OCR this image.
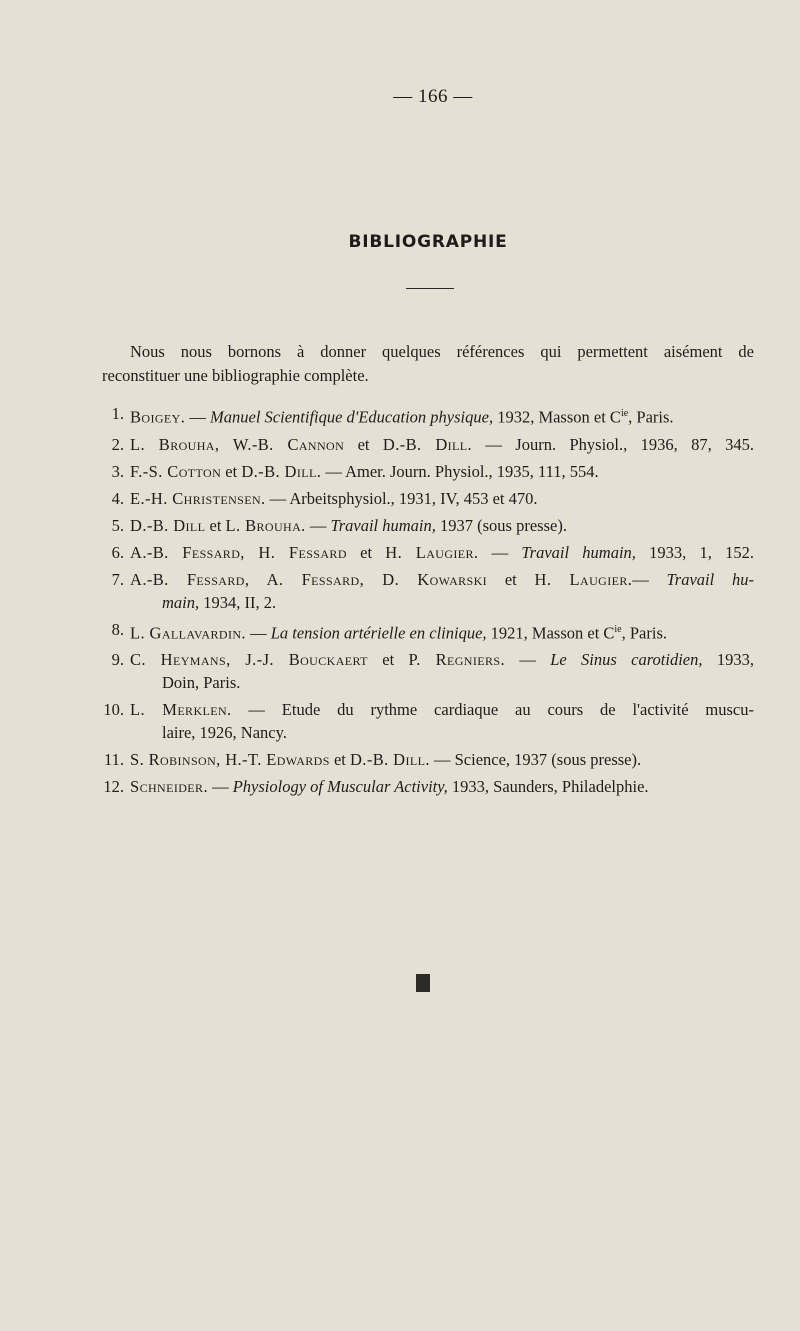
— 166 —
BIBLIOGRAPHIE
Nous nous bornons à donner quelques références qui permettent aisément de
reconstituer une bibliographie complète.
1. Boigey. — Manuel Scientifique d'Education physique, 1932, Masson et $C^{ie}$, Paris.
2. L. Brouha, W.-B. Cannon et D.-B. Dill. — Journ. Physiol., 1936, 87, 345.
3. F.-S. Cotton et D.-B. Dill. — Amer. Journ. Physiol., 1935, 111, 554.
4. E.-H. Christensen. — Arbeitsphysiol., 1931, IV, 453 et 470.
5. D.-B. Dill et L. Brouha. — Travail humain, 1937 (sous presse).
6. A.-B. Fessard, H. Fessard et H. Laugier. — Travail humain, 1933, 1, 152.
7. A.-B. Fessard, A. Fessard, D. Kowarski et H. Laugier.— Travail hu-
main, 1934, II, 2.
8. L. Gallavardin. — La tension artérielle en clinique, 1921, Masson et $C^{ie}$, Paris.
9. C. Heymans, J.-J. Bouckaert et P. Regniers. — Le Sinus carotidien, 1933,
Doin, Paris.
10. L. Merklen. — Etude du rythme cardiaque au cours de l'activité muscu-
laire, 1926, Nancy.
11. S. Robinson, H.-T. Edwards et D.-B. Dill. — Science, 1937 (sous presse).
12. Schneider. — Physiology of Muscular Activity, 1933, Saunders, Philadelphie.
